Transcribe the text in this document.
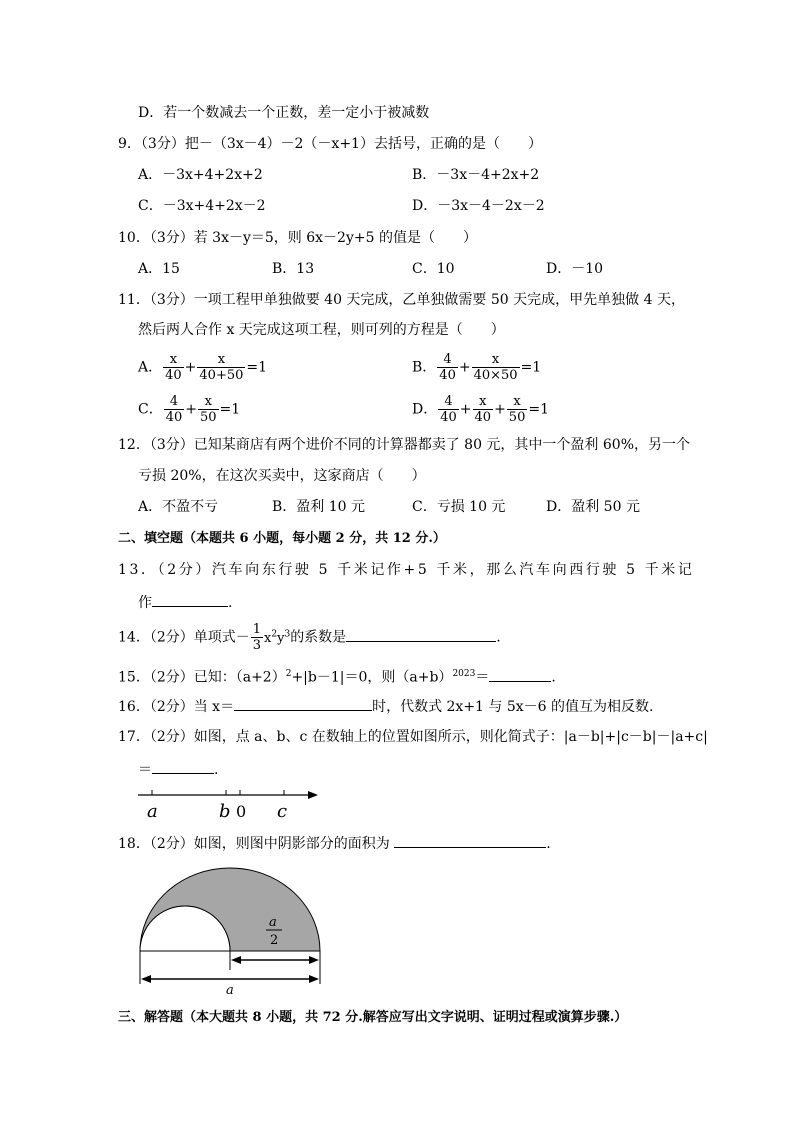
D．若一个数减去一个正数，差一定小于被减数
9．（3分）把－（3x－4）－2（－x+1）去括号，正确的是（　　）
A．－3x+4+2x+2	B．－3x－4+2x+2
C．－3x+4+2x－2	D．－3x－4－2x－2
10．（3分）若 3x－y＝5，则 6x－2y+5 的值是（　　）
A．15	B．13	C．10	D．－10
11．（3分）一项工程甲单独做要 40 天完成，乙单独做需要 50 天完成，甲先单独做 4 天，
然后两人合作 x 天完成这项工程，则可列的方程是（　　）
A． $\frac{x}{40} + \frac{x}{40+50} =1$	B． $\frac{4}{40} + \frac{x}{40\times 50} =1$
C． $\frac{4}{40} + \frac{x}{50} =1$	D． $\frac{4}{40} + \frac{x}{40} + \frac{x}{50} =1$
12．（3分）已知某商店有两个进价不同的计算器都卖了 80 元，其中一个盈利 60%，另一个
亏损 20%，在这次买卖中，这家商店（　　）
A．不盈不亏	B．盈利 10 元	C．亏损 10 元	D．盈利 50 元
二、填空题（本题共 6 小题，每小题 2 分，共 12 分.）
13．（2分）汽车向东行驶 5 千米记作+5 千米，那么汽车向西行驶 5 千米记
作	.
14．（2分）单项式－ $\frac{1}{3} x^2y^3$的系数是	.
15．（2分）已知：$(a+2)^2+|b-1|=0$，则$(a+b)^{2023}=$	.
16．（2分）当 x＝	时，代数式 2x+1 与 5x－6 的值互为相反数.
17．（2分）如图，点 a、b、c 在数轴上的位置如图所示，则化简式子：|a－b|+|c－b|－|a+c|
＝	.
a	b 0 c
18．（2分）如图，则图中阴影部分的面积为	.
a
2
a
三、解答题（本大题共 8 小题，共 72 分.解答应写出文字说明、证明过程或演算步骤.）
